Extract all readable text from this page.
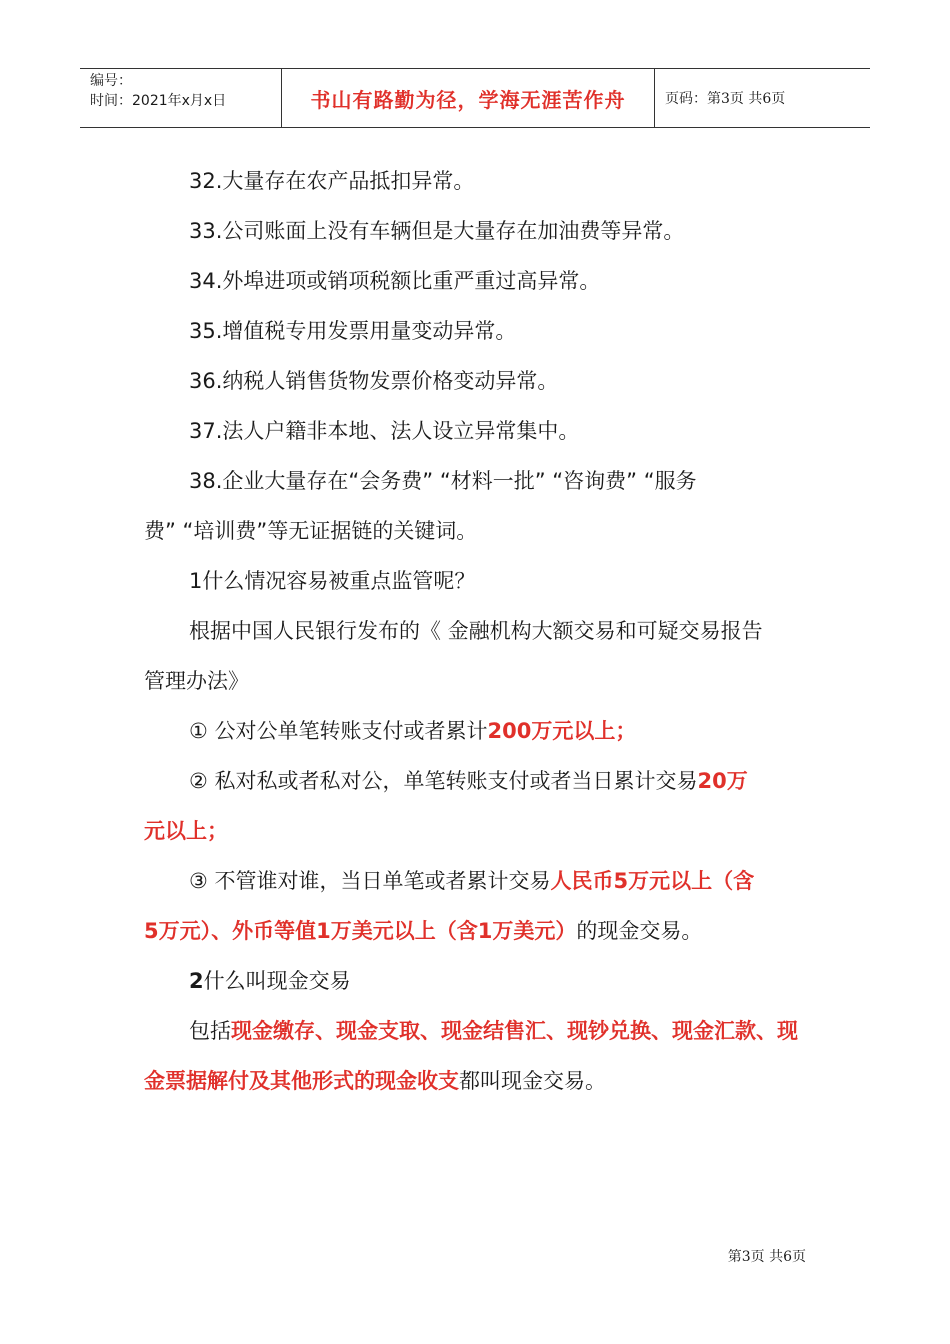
编号：
时间：2021年x月x日	书山有路勤为径，学海无涯苦作舟	页码：第3页 共6页
32.大量存在农产品抵扣异常。
33.公司账面上没有车辆但是大量存在加油费等异常。
34.外埠进项或销项税额比重严重过高异常。
35.增值税专用发票用量变动异常。
36.纳税人销售货物发票价格变动异常。
37.法人户籍非本地、法人设立异常集中。
38.企业大量存在“会务费” “材料一批” “咨询费” “服务
费” “培训费”等无证据链的关键词。
1什么情况容易被重点监管呢？
根据中国人民银行发布的《 金融机构大额交易和可疑交易报告
管理办法》
① 公对公单笔转账支付或者累计200万元以上；
② 私对私或者私对公，单笔转账支付或者当日累计交易20万
元以上；
③ 不管谁对谁，当日单笔或者累计交易人民币5万元以上（含
5万元）、外币等值1万美元以上（含1万美元）的现金交易。
2什么叫现金交易
包括现金缴存、现金支取、现金结售汇、现钞兑换、现金汇款、现
金票据解付及其他形式的现金收支都叫现金交易。
第3页 共6页
